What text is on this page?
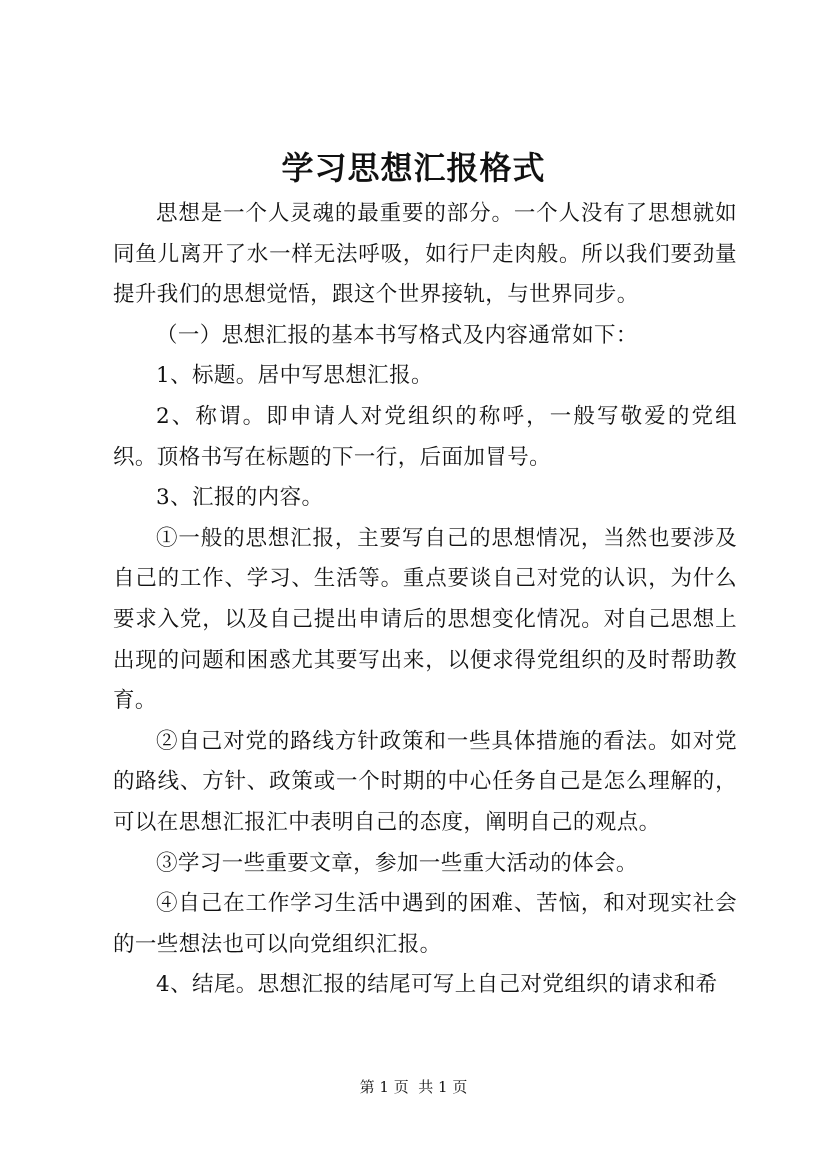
学习思想汇报格式

思想是一个人灵魂的最重要的部分。一个人没有了思想就如同鱼儿离开了水一样无法呼吸，如行尸走肉般。所以我们要劲量提升我们的思想觉悟，跟这个世界接轨，与世界同步。

（一）思想汇报的基本书写格式及内容通常如下：

1、标题。居中写思想汇报。

2、称谓。即申请人对党组织的称呼，一般写敬爱的党组织。顶格书写在标题的下一行，后面加冒号。

3、汇报的内容。

①一般的思想汇报，主要写自己的思想情况，当然也要涉及自己的工作、学习、生活等。重点要谈自己对党的认识，为什么要求入党，以及自己提出申请后的思想变化情况。对自己思想上出现的问题和困惑尤其要写出来，以便求得党组织的及时帮助教育。

②自己对党的路线方针政策和一些具体措施的看法。如对党的路线、方针、政策或一个时期的中心任务自己是怎么理解的，可以在思想汇报汇中表明自己的态度，阐明自己的观点。

③学习一些重要文章，参加一些重大活动的体会。

④自己在工作学习生活中遇到的困难、苦恼，和对现实社会的一些想法也可以向党组织汇报。

4、结尾。思想汇报的结尾可写上自己对党组织的请求和希

第 1 页  共 1 页
